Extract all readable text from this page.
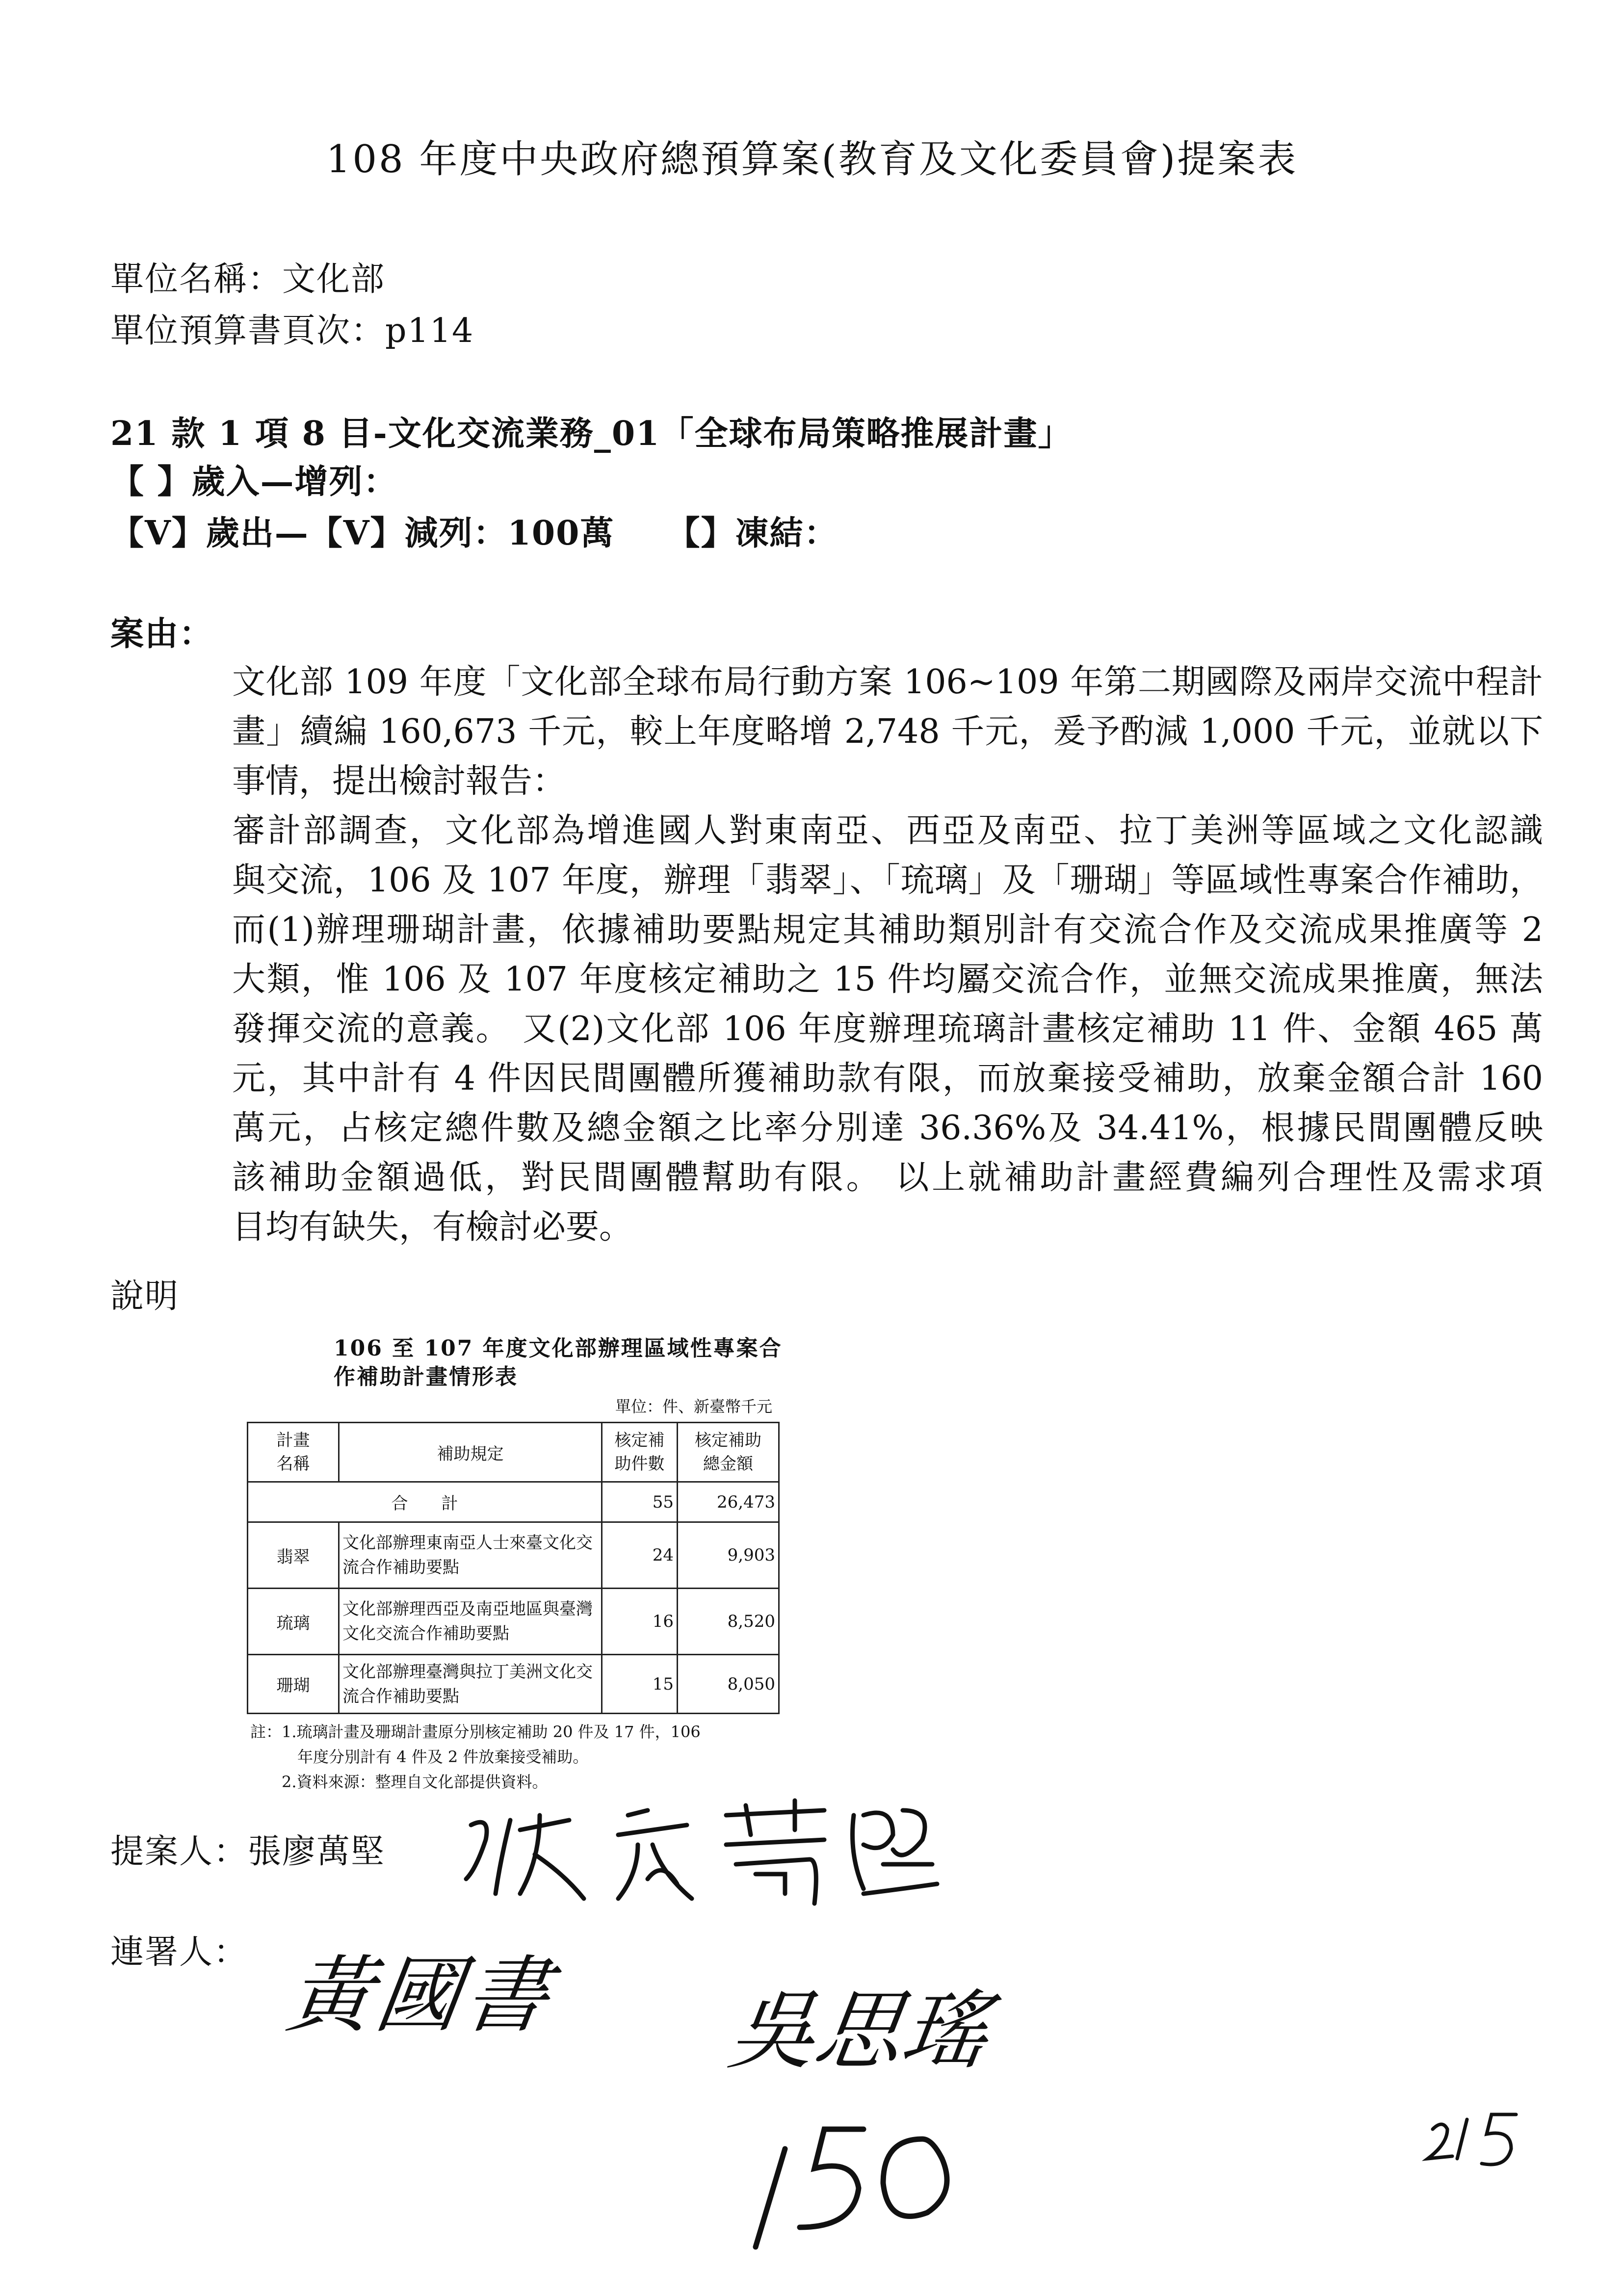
108 年度中央政府總預算案(教育及文化委員會)提案表
單位名稱：文化部
單位預算書頁次：p114
21 款 1 項 8 目-文化交流業務_01「全球布局策略推展計畫」
【 】歲入—增列：
【V】歲出—【V】減列：100萬　　【】凍結：
案由：
文化部 109 年度「文化部全球布局行動方案 106~109 年第二期國際及兩岸交流中程計
畫」續編 160,673 千元，較上年度略增 2,748 千元，爰予酌減 1,000 千元，並就以下
事情，提出檢討報告：
審計部調查，文化部為增進國人對東南亞、西亞及南亞、拉丁美洲等區域之文化認識
與交流，106 及 107 年度，辦理「翡翠」、「琉璃」及「珊瑚」等區域性專案合作補助，
而(1)辦理珊瑚計畫，依據補助要點規定其補助類別計有交流合作及交流成果推廣等 2
大類，惟 106 及 107 年度核定補助之 15 件均屬交流合作，並無交流成果推廣，無法
發揮交流的意義。 又(2)文化部 106 年度辦理琉璃計畫核定補助 11 件、金額 465 萬
元，其中計有 4 件因民間團體所獲補助款有限，而放棄接受補助，放棄金額合計 160
萬元，占核定總件數及總金額之比率分別達 36.36%及 34.41%，根據民間團體反映
該補助金額過低，對民間團體幫助有限。 以上就補助計畫經費編列合理性及需求項
目均有缺失，有檢討必要。
說明
106 至 107 年度文化部辦理區域性專案合
作補助計畫情形表
單位：件、新臺幣千元
計畫
名稱	補助規定	核定補
助件數	核定補助
總金額
合　　計		55	26,473
翡翠	文化部辦理東南亞人士來臺文化交流合作補助要點	24	9,903
琉璃	文化部辦理西亞及南亞地區與臺灣文化交流合作補助要點	16	8,520
珊瑚	文化部辦理臺灣與拉丁美洲文化交流合作補助要點	15	8,050
註：1.琉璃計畫及珊瑚計畫原分別核定補助 20 件及 17 件，106
　　　年度分別計有 4 件及 2 件放棄接受補助。
　　2.資料來源：整理自文化部提供資料。
提案人：張廖萬堅
連署人： 黃國書 吳思瑤
